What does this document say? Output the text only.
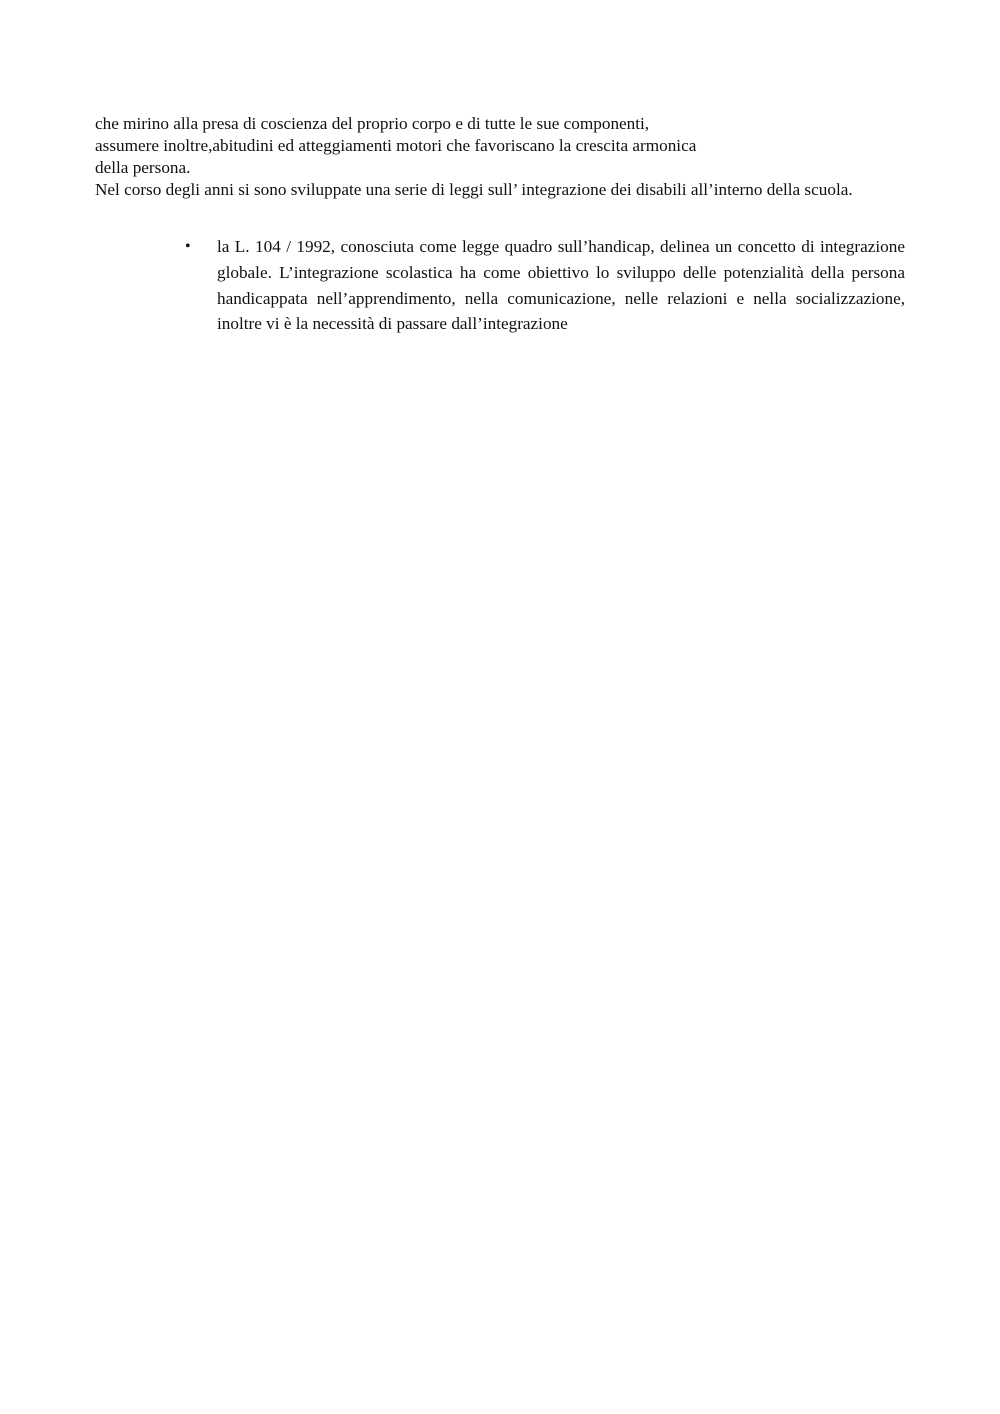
che mirino alla presa di coscienza del proprio corpo e di tutte le sue componenti,
assumere inoltre,abitudini ed atteggiamenti motori che favoriscano la crescita armonica
della persona.
Nel corso degli anni si sono sviluppate una serie di leggi sull’ integrazione dei disabili all’interno della scuola.
• la L. 104 / 1992, conosciuta come legge quadro sull’handicap, delinea un concetto di integrazione globale. L’integrazione scolastica ha come obiettivo lo sviluppo delle potenzialità della persona handicappata nell’apprendimento, nella comunicazione, nelle relazioni e nella socializzazione, inoltre vi è la necessità di passare dall’integrazione
